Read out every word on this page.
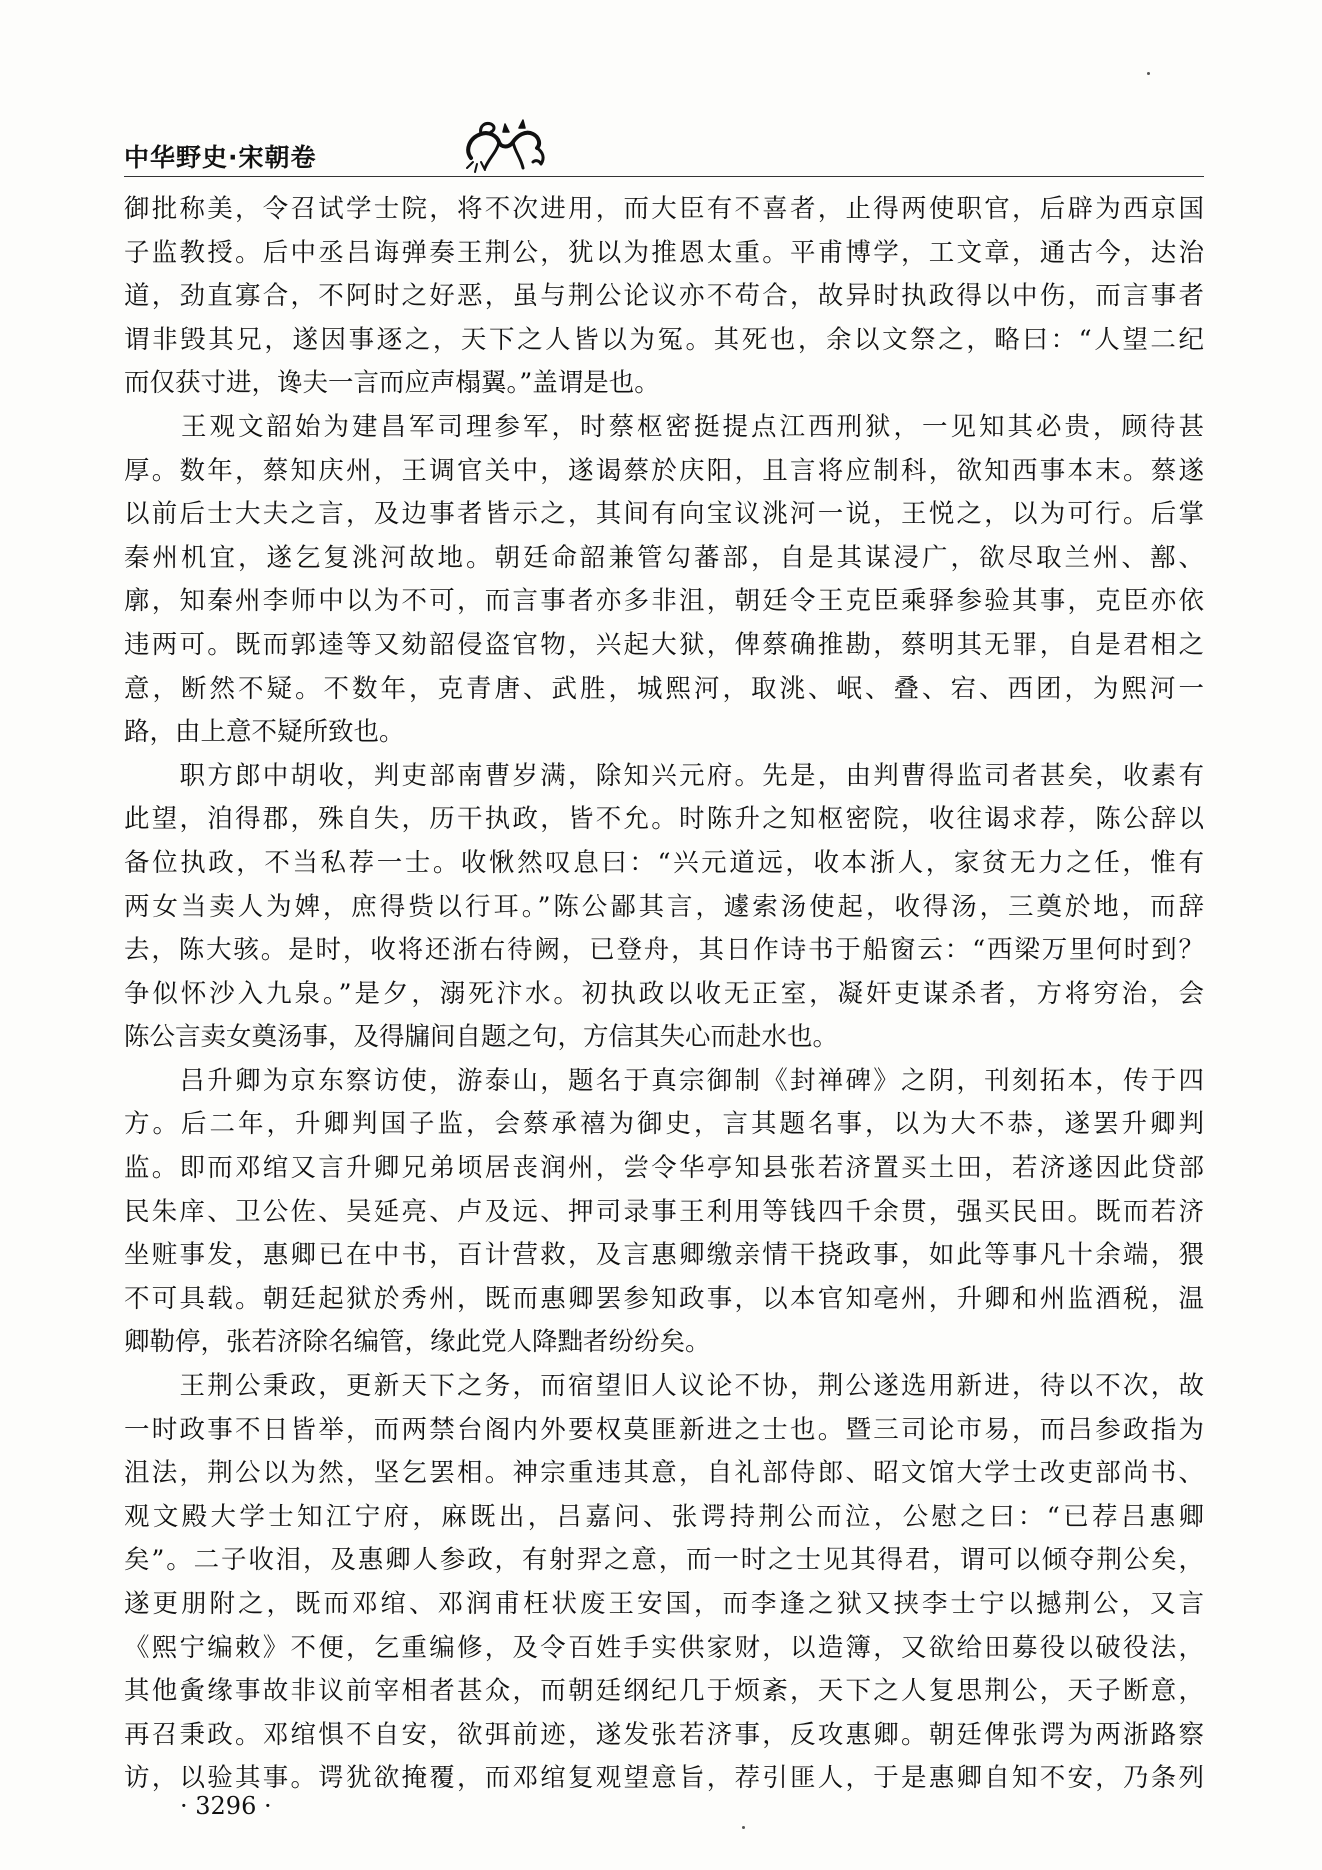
中华野史·宋朝卷
御批称美，令召试学士院，将不次进用，而大臣有不喜者，止得两使职官，后辟为西京国
子监教授。后中丞吕诲弹奏王荆公，犹以为推恩太重。平甫博学，工文章，通古今，达治
道，劲直寡合，不阿时之好恶，虽与荆公论议亦不苟合，故异时执政得以中伤，而言事者
谓非毁其兄，遂因事逐之，天下之人皆以为冤。其死也，余以文祭之，略曰：“人望二纪
而仅获寸进，谗夫一言而应声榻翼。”盖谓是也。
　　王观文韶始为建昌军司理参军，时蔡枢密挺提点江西刑狱，一见知其必贵，顾待甚
厚。数年，蔡知庆州，王调官关中，遂谒蔡於庆阳，且言将应制科，欲知西事本末。蔡遂
以前后士大夫之言，及边事者皆示之，其间有向宝议洮河一说，王悦之，以为可行。后掌
秦州机宜，遂乞复洮河故地。朝廷命韶兼管勾蕃部，自是其谋浸广，欲尽取兰州、鄯、
廓，知秦州李师中以为不可，而言事者亦多非沮，朝廷令王克臣乘驿参验其事，克臣亦依
违两可。既而郭逵等又劾韶侵盗官物，兴起大狱，俾蔡确推勘，蔡明其无罪，自是君相之
意，断然不疑。不数年，克青唐、武胜，城熙河，取洮、岷、叠、宕、西团，为熙河一
路，由上意不疑所致也。
　　职方郎中胡收，判吏部南曹岁满，除知兴元府。先是，由判曹得监司者甚矣，收素有
此望，洎得郡，殊自失，历干执政，皆不允。时陈升之知枢密院，收往谒求荐，陈公辞以
备位执政，不当私荐一士。收愀然叹息曰：“兴元道远，收本浙人，家贫无力之任，惟有
两女当卖人为婢，庶得赀以行耳。”陈公鄙其言，遽索汤使起，收得汤，三奠於地，而辞
去，陈大骇。是时，收将还浙右待阙，已登舟，其日作诗书于船窗云：“西梁万里何时到？
争似怀沙入九泉。”是夕，溺死汴水。初执政以收无正室，凝奸吏谋杀者，方将穷治，会
陈公言卖女奠汤事，及得牖间自题之句，方信其失心而赴水也。
　　吕升卿为京东察访使，游泰山，题名于真宗御制《封禅碑》之阴，刊刻拓本，传于四
方。后二年，升卿判国子监，会蔡承禧为御史，言其题名事，以为大不恭，遂罢升卿判
监。即而邓绾又言升卿兄弟顷居丧润州，尝令华亭知县张若济置买土田，若济遂因此贷部
民朱庠、卫公佐、吴延亮、卢及远、押司录事王利用等钱四千余贯，强买民田。既而若济
坐赃事发，惠卿已在中书，百计营救，及言惠卿缴亲情干挠政事，如此等事凡十余端，猥
不可具载。朝廷起狱於秀州，既而惠卿罢参知政事，以本官知亳州，升卿和州监酒税，温
卿勒停，张若济除名编管，缘此党人降黜者纷纷矣。
　　王荆公秉政，更新天下之务，而宿望旧人议论不协，荆公遂选用新进，待以不次，故
一时政事不日皆举，而两禁台阁内外要权莫匪新进之士也。暨三司论市易，而吕参政指为
沮法，荆公以为然，坚乞罢相。神宗重违其意，自礼部侍郎、昭文馆大学士改吏部尚书、
观文殿大学士知江宁府，麻既出，吕嘉问、张谔持荆公而泣，公慰之曰：“已荐吕惠卿
矣”。二子收泪，及惠卿人参政，有射羿之意，而一时之士见其得君，谓可以倾夺荆公矣，
遂更朋附之，既而邓绾、邓润甫枉状废王安国，而李逢之狱又挟李士宁以撼荆公，又言
《熙宁编敕》不便，乞重编修，及令百姓手实供家财，以造簿，又欲给田募役以破役法，
其他夤缘事故非议前宰相者甚众，而朝廷纲纪几于烦紊，天下之人复思荆公，天子断意，
再召秉政。邓绾惧不自安，欲弭前迹，遂发张若济事，反攻惠卿。朝廷俾张谔为两浙路察
访，以验其事。谔犹欲掩覆，而邓绾复观望意旨，荐引匪人，于是惠卿自知不安，乃条列
· 3296 ·
